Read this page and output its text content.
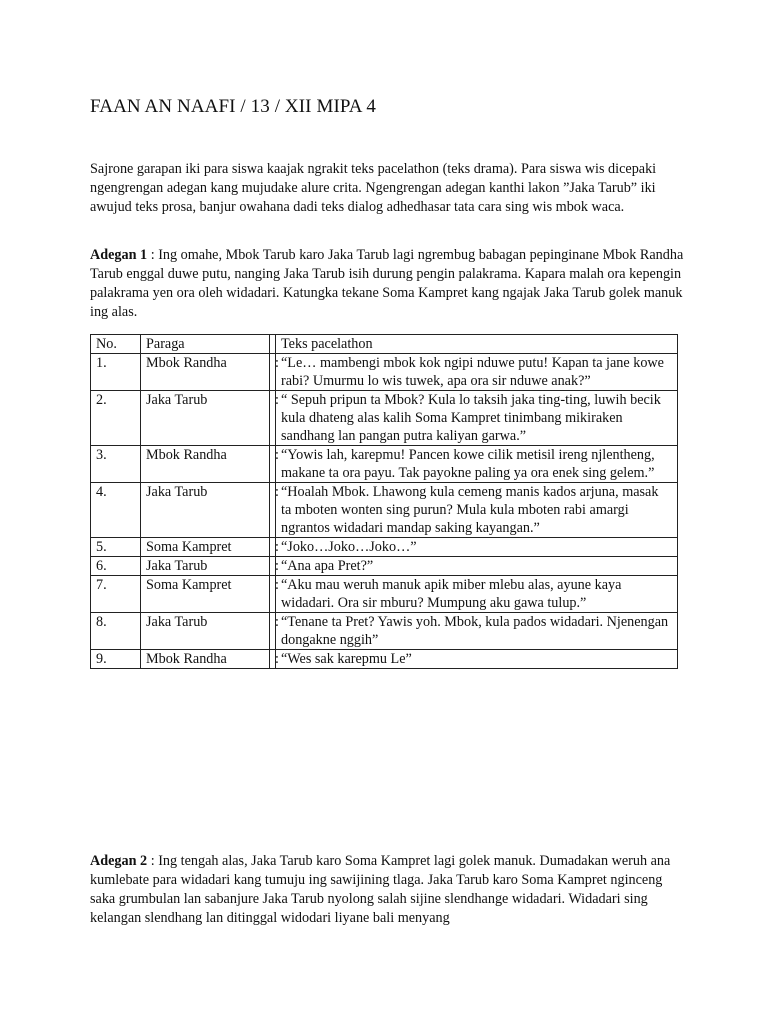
FAAN AN NAAFI / 13 / XII MIPA 4

Sajrone garapan iki para siswa kaajak ngrakit teks pacelathon (teks drama). Para siswa wis dicepaki ngengrengan adegan kang mujudake alure crita. Ngengrengan adegan kanthi lakon ”Jaka Tarub” iki awujud teks prosa, banjur owahana dadi teks dialog adhedhasar tata cara sing wis mbok waca.

Adegan 1 : Ing omahe, Mbok Tarub karo Jaka Tarub lagi ngrembug babagan pepinginane Mbok Randha Tarub enggal duwe putu, nanging Jaka Tarub isih durung pengin palakrama. Kapara malah ora kepengin palakrama yen ora oleh widadari. Katungka tekane Soma Kampret kang ngajak Jaka Tarub golek manuk ing alas.

No.	Paraga		Teks pacelathon
1.	Mbok Randha	:	“Le… mambengi mbok kok ngipi nduwe putu! Kapan ta jane kowe rabi? Umurmu lo wis tuwek, apa ora sir nduwe anak?”
2.	Jaka Tarub	:	“ Sepuh pripun ta Mbok? Kula lo taksih jaka ting-ting, luwih becik kula dhateng alas kalih Soma Kampret tinimbang mikiraken sandhang lan pangan putra kaliyan garwa.”
3.	Mbok Randha	:	“Yowis lah, karepmu! Pancen kowe cilik metisil ireng njlentheng, makane ta ora payu. Tak payokne paling ya ora enek sing gelem.”
4.	Jaka Tarub	:	“Hoalah Mbok. Lhawong kula cemeng manis kados arjuna, masak ta mboten wonten sing purun? Mula kula mboten rabi amargi ngrantos widadari mandap saking kayangan.”
5.	Soma Kampret	:	“Joko…Joko…Joko…”
6.	Jaka Tarub	:	“Ana apa Pret?”
7.	Soma Kampret	:	“Aku mau weruh manuk apik miber mlebu alas, ayune kaya widadari. Ora sir mburu? Mumpung aku gawa tulup.”
8.	Jaka Tarub	:	“Tenane ta Pret? Yawis yoh. Mbok, kula pados widadari. Njenengan dongakne nggih”
9.	Mbok Randha	:	“Wes sak karepmu Le”

Adegan 2 : Ing tengah alas, Jaka Tarub karo Soma Kampret lagi golek manuk. Dumadakan weruh ana kumlebate para widadari kang tumuju ing sawijining tlaga. Jaka Tarub karo Soma Kampret nginceng saka grumbulan lan sabanjure Jaka Tarub nyolong salah sijine slendhange widadari. Widadari sing kelangan slendhang lan ditinggal widodari liyane bali menyang
